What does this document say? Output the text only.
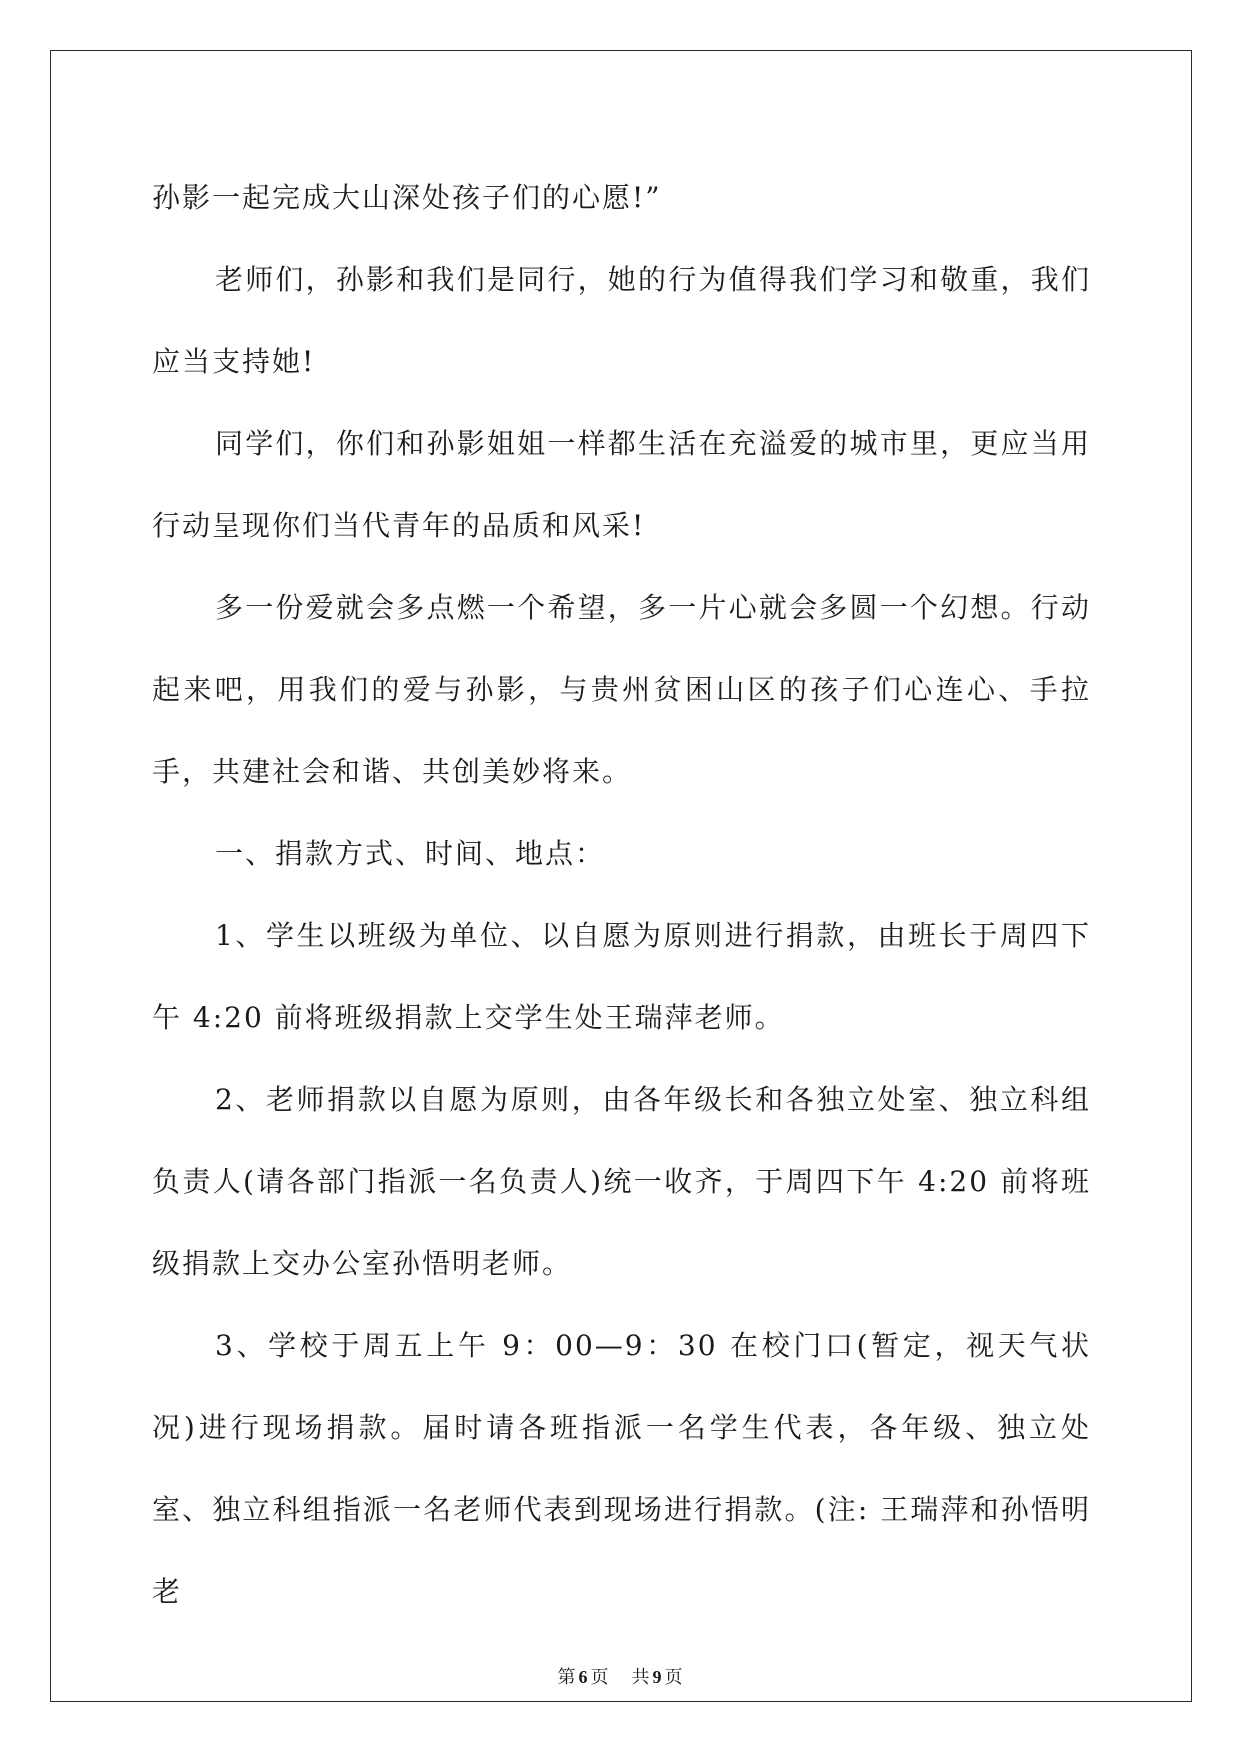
孙影一起完成大山深处孩子们的心愿!”

老师们，孙影和我们是同行，她的行为值得我们学习和敬重，我们应当支持她!

同学们，你们和孙影姐姐一样都生活在充溢爱的城市里，更应当用行动呈现你们当代青年的品质和风采!

多一份爱就会多点燃一个希望，多一片心就会多圆一个幻想。行动起来吧，用我们的爱与孙影，与贵州贫困山区的孩子们心连心、手拉手，共建社会和谐、共创美妙将来。

一、捐款方式、时间、地点：

1、学生以班级为单位、以自愿为原则进行捐款，由班长于周四下午 4:20 前将班级捐款上交学生处王瑞萍老师。

2、老师捐款以自愿为原则，由各年级长和各独立处室、独立科组负责人(请各部门指派一名负责人)统一收齐，于周四下午 4:20 前将班级捐款上交办公室孙悟明老师。

3、学校于周五上午 9：00—9：30 在校门口(暂定，视天气状况)进行现场捐款。届时请各班指派一名学生代表，各年级、独立处室、独立科组指派一名老师代表到现场进行捐款。(注: 王瑞萍和孙悟明老

第 6 页 共 9 页
